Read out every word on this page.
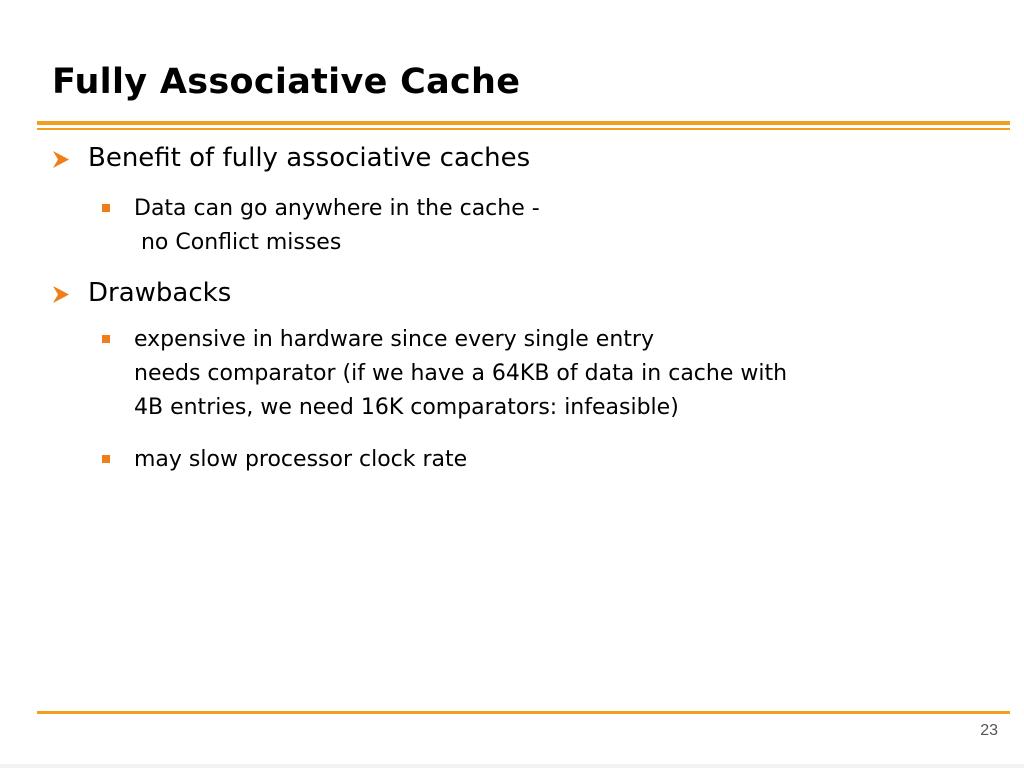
Fully Associative Cache
Benefit of fully associative caches
Data can go anywhere in the cache -
no Conflict misses
Drawbacks
expensive in hardware since every single entry
needs comparator (if we have a 64KB of data in cache with
4B entries, we need 16K comparators: infeasible)
may slow processor clock rate
23
